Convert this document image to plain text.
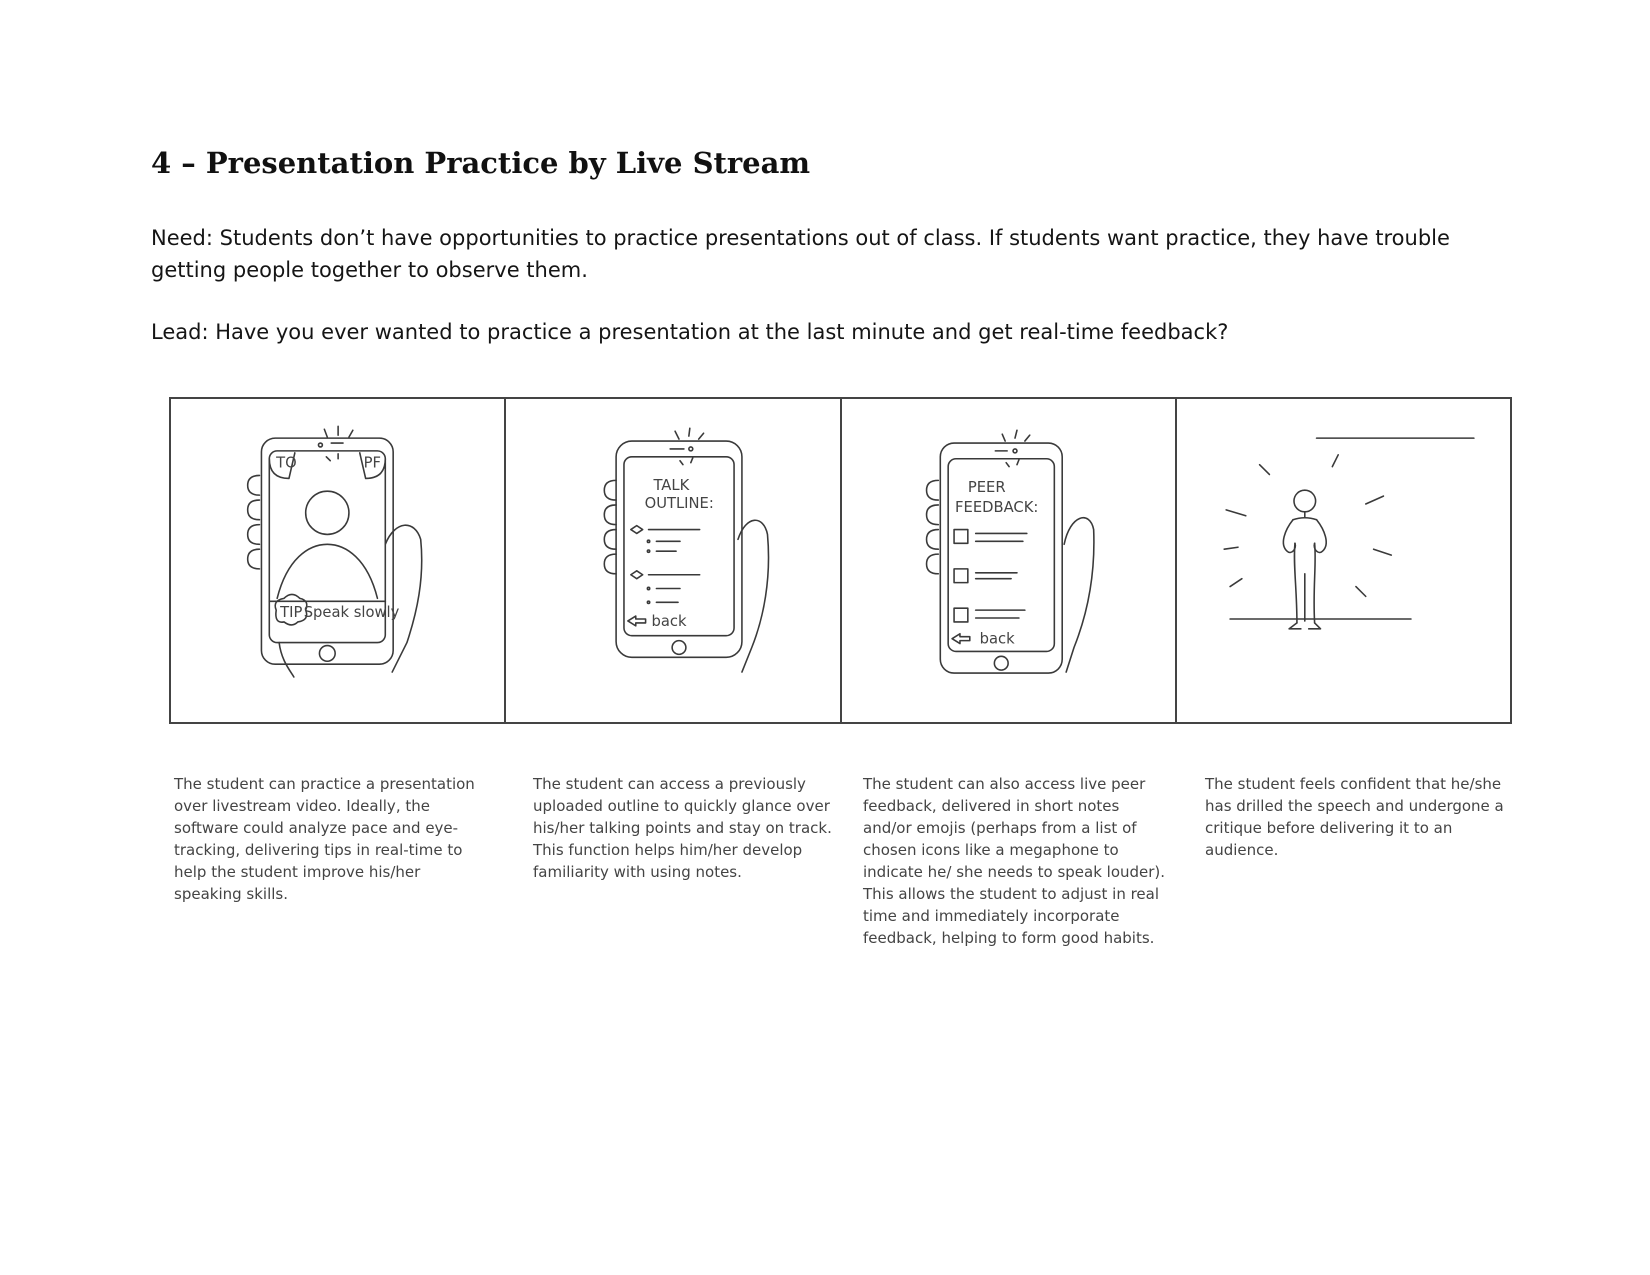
4 – Presentation Practice by Live Stream
Need: Students don’t have opportunities to practice presentations out of class. If students want practice, they have trouble getting people together to observe them.
Lead: Have you ever wanted to practice a presentation at the last minute and get real-time feedback?
TO	PF
TIP Speak slowly
TALK
OUTLINE:
back
PEER
FEEDBACK:
back
The student can practice a presentation over livestream video. Ideally, the software could analyze pace and eye-tracking, delivering tips in real-time to help the student improve his/her speaking skills.
The student can access a previously uploaded outline to quickly glance over his/her talking points and stay on track. This function helps him/her develop familiarity with using notes.
The student can also access live peer feedback, delivered in short notes and/or emojis (perhaps from a list of chosen icons like a megaphone to indicate he/ she needs to speak louder). This allows the student to adjust in real time and immediately incorporate feedback, helping to form good habits.
The student feels confident that he/she has drilled the speech and undergone a critique before delivering it to an audience.
